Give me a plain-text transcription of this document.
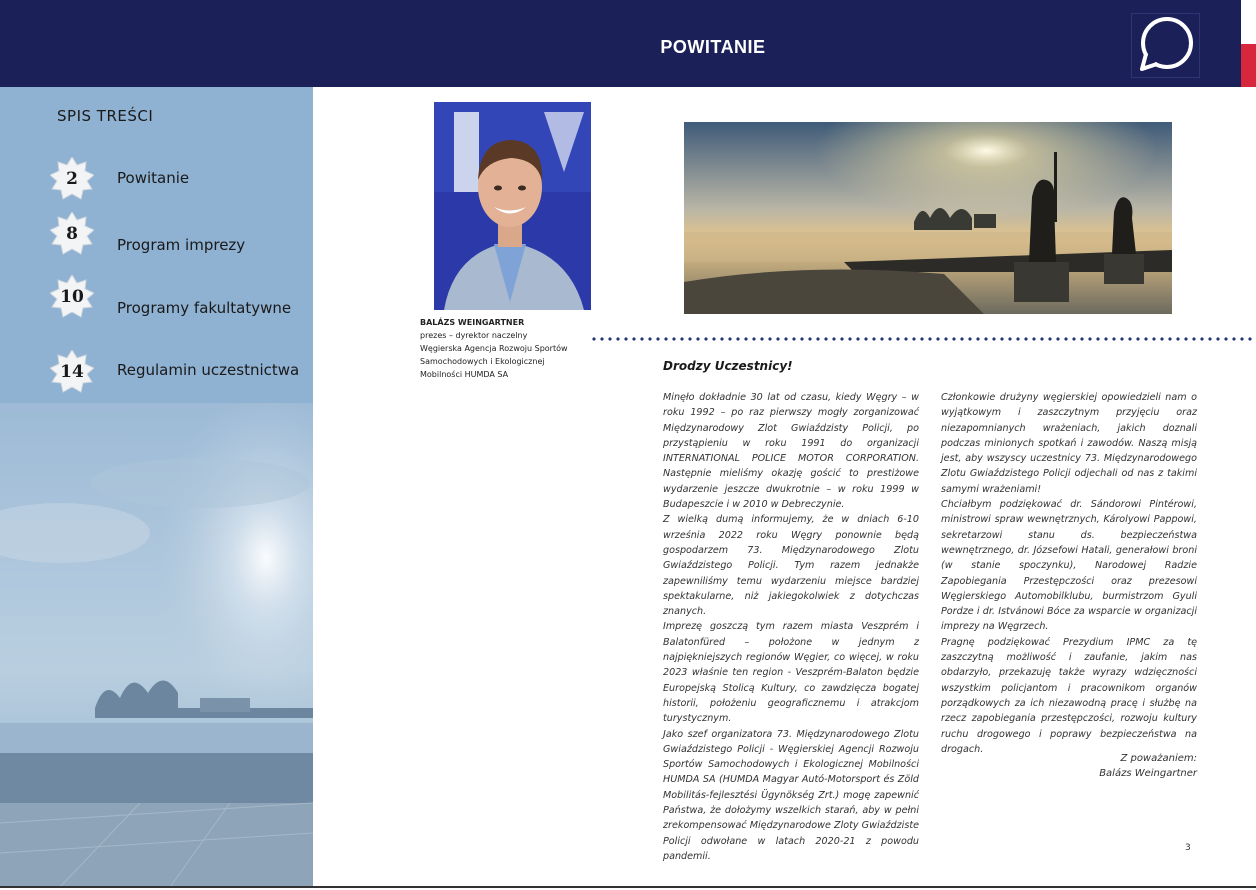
POWITANIE
SPIS TREŚCI
2	Powitanie
8
Program imprezy
10
Programy fakultatywne
14	Regulamin uczestnictwa
BALÁZS WEINGARTNER
prezes – dyrektor naczelny
Węgierska Agencja Rozwoju Sportów
Samochodowych i Ekologicznej
Mobilności HUMDA SA
Drodzy Uczestnicy!

Minęło dokładnie 30 lat od czasu, kiedy Węgry – w roku 1992 – po raz pierwszy mogły zorganizować Międzynarodowy Zlot Gwiaździsty Policji, po przystąpieniu w roku 1991 do organizacji INTERNATIONAL POLICE MOTOR CORPORATION. Następnie mieliśmy okazję gościć to prestiżowe wydarzenie jeszcze dwukrotnie – w roku 1999 w Budapeszcie i w 2010 w Debreczynie.

Z wielką dumą informujemy, że w dniach 6-10 września 2022 roku Węgry ponownie będą gospodarzem 73. Międzynarodowego Zlotu Gwiaździstego Policji. Tym razem jednakże zapewniliśmy temu wydarzeniu miejsce bardziej spektakularne, niż jakiegokolwiek z dotychczas znanych.

Imprezę goszczą tym razem miasta Veszprém i Balatonfüred – położone w jednym z najpiękniejszych regionów Węgier, co więcej, w roku 2023 właśnie ten region - Veszprém-Balaton będzie Europejską Stolicą Kultury, co zawdzięcza bogatej historii, położeniu geograficznemu i atrakcjom turystycznym.

Jako szef organizatora 73. Międzynarodowego Zlotu Gwiaździstego Policji - Węgierskiej Agencji Rozwoju Sportów Samochodowych i Ekologicznej Mobilności HUMDA SA (HUMDA Magyar Autó-Motorsport és Zöld Mobilitás-fejlesztési Ügynökség Zrt.) mogę zapewnić Państwa, że dołożymy wszelkich starań, aby w pełni zrekompensować Międzynarodowe Zloty Gwiaździste Policji odwołane w latach 2020-21 z powodu pandemii.

Członkowie drużyny węgierskiej opowiedzieli nam o wyjątkowym i zaszczytnym przyjęciu oraz niezapomnianych wrażeniach, jakich doznali podczas minionych spotkań i zawodów. Naszą misją jest, aby wszyscy uczestnicy 73. Międzynarodowego Zlotu Gwiaździstego Policji odjechali od nas z takimi samymi wrażeniami!

Chciałbym podziękować dr. Sándorowi Pintérowi, ministrowi spraw wewnętrznych, Károlyowi Pappowi, sekretarzowi stanu ds. bezpieczeństwa wewnętrznego, dr. Józsefowi Hatali, generałowi broni (w stanie spoczynku), Narodowej Radzie Zapobiegania Przestępczości oraz prezesowi Węgierskiego Automobilklubu, burmistrzom Gyuli Pordze i dr. Istvánowi Bóce za wsparcie w organizacji imprezy na Węgrzech.

Pragnę podziękować Prezydium IPMC za tę zaszczytną możliwość i zaufanie, jakim nas obdarzyło, przekazuję także wyrazy wdzięczności wszystkim policjantom i pracownikom organów porządkowych za ich niezawodną pracę i służbę na rzecz zapobiegania przestępczości, rozwoju kultury ruchu drogowego i poprawy bezpieczeństwa na drogach.

Z poważaniem:
Balázs Weingartner
3
